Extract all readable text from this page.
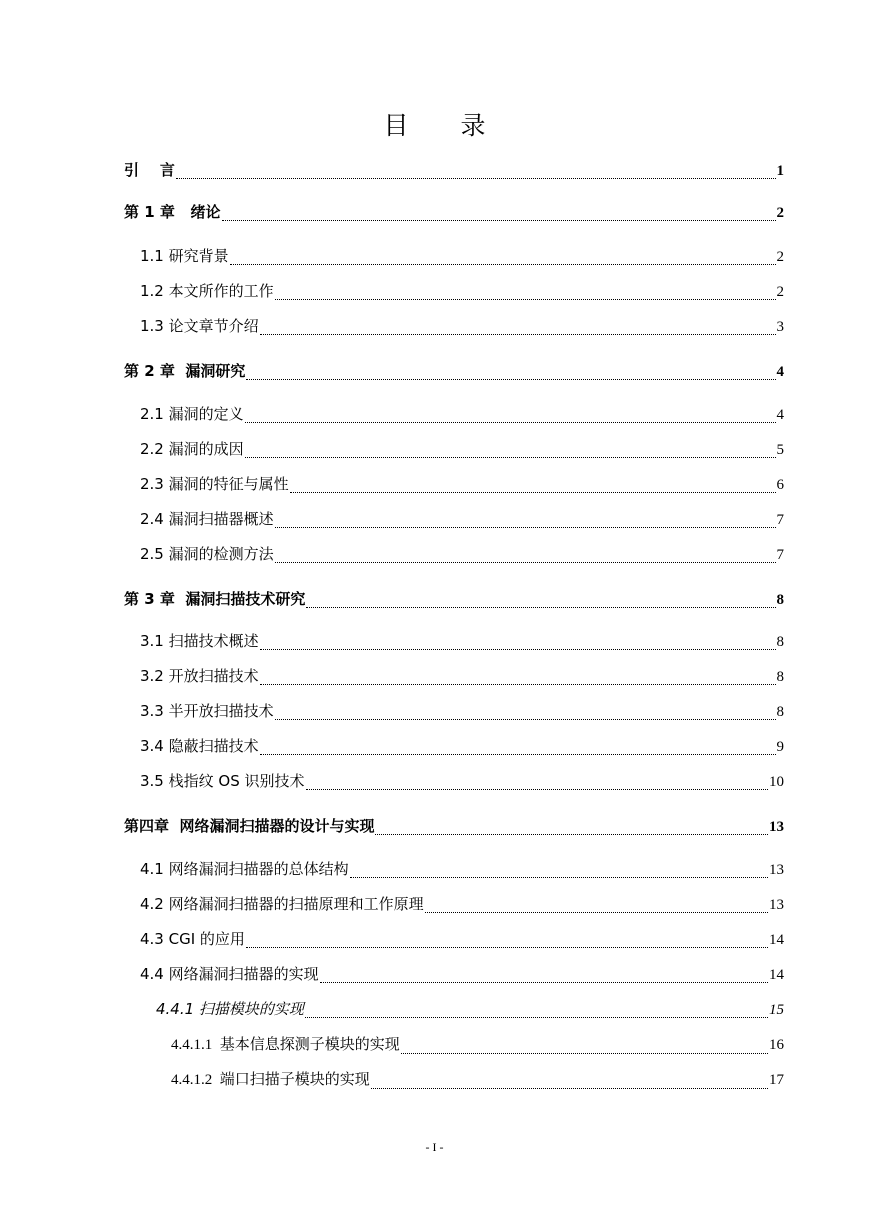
目 录
引    言	1
第 1 章   绪论	2
1.1 研究背景	2
1.2 本文所作的工作	2
1.3 论文章节介绍	3
第 2 章  漏洞研究	4
2.1 漏洞的定义	4
2.2 漏洞的成因	5
2.3 漏洞的特征与属性	6
2.4 漏洞扫描器概述	7
2.5 漏洞的检测方法	7
第 3 章  漏洞扫描技术研究	8
3.1 扫描技术概述	8
3.2 开放扫描技术	8
3.3 半开放扫描技术	8
3.4 隐蔽扫描技术	9
3.5 栈指纹 OS 识别技术	10
第四章  网络漏洞扫描器的设计与实现	13
4.1 网络漏洞扫描器的总体结构	13
4.2 网络漏洞扫描器的扫描原理和工作原理	13
4.3 CGI 的应用	14
4.4 网络漏洞扫描器的实现	14
4.4.1 扫描模块的实现	15
4.4.1.1  基本信息探测子模块的实现	16
4.4.1.2  端口扫描子模块的实现	17
- I -
